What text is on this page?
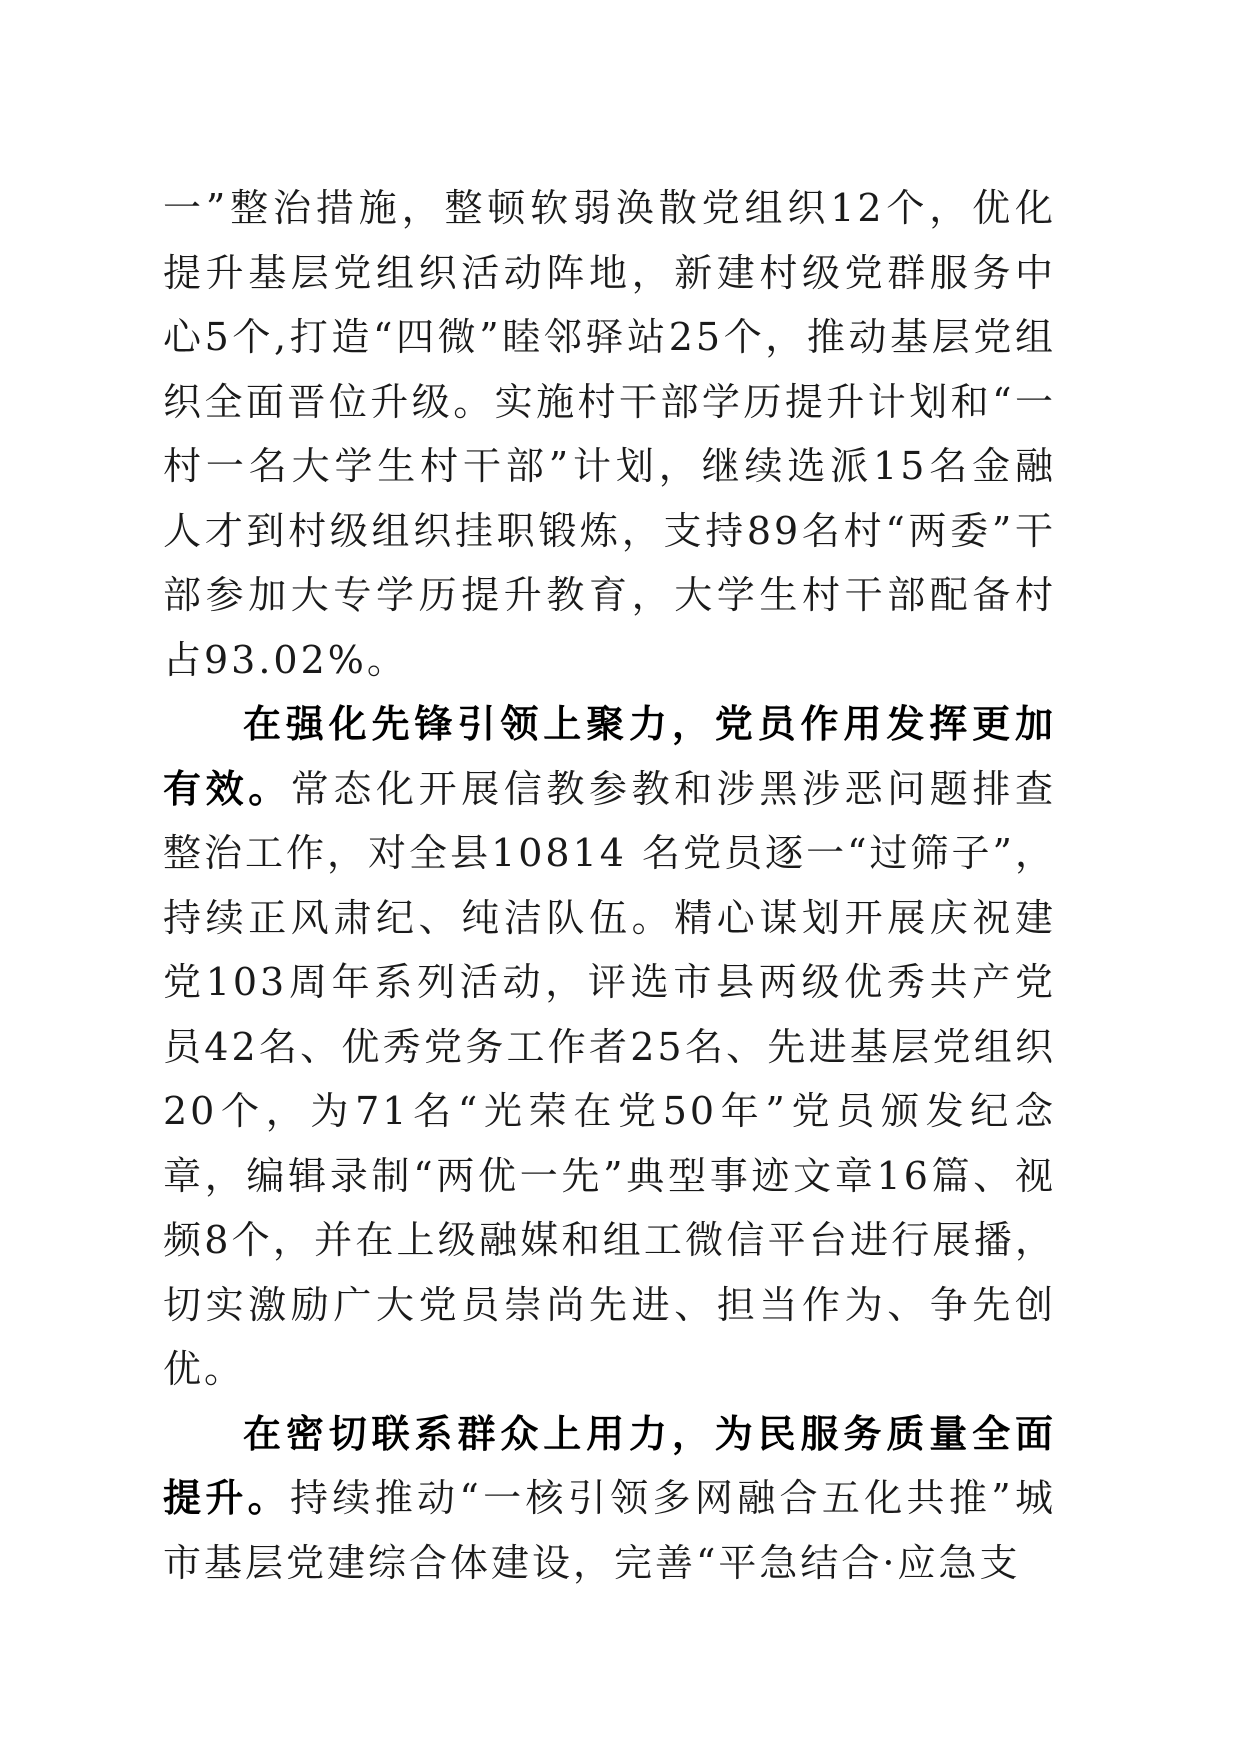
一”整治措施，整顿软弱涣散党组织12个，优化提升基层党组织活动阵地，新建村级党群服务中心5个,打造“四微”睦邻驿站25个，推动基层党组织全面晋位升级。实施村干部学历提升计划和“一村一名大学生村干部”计划，继续选派15名金融人才到村级组织挂职锻炼，支持89名村“两委”干部参加大专学历提升教育，大学生村干部配备村占93.02%。

在强化先锋引领上聚力，党员作用发挥更加有效。常态化开展信教参教和涉黑涉恶问题排查整治工作，对全县10814 名党员逐一“过筛子”，持续正风肃纪、纯洁队伍。精心谋划开展庆祝建党103周年系列活动，评选市县两级优秀共产党员42名、优秀党务工作者25名、先进基层党组织20个，为71名“光荣在党50年”党员颁发纪念章，编辑录制“两优一先”典型事迹文章16篇、视频8个，并在上级融媒和组工微信平台进行展播，切实激励广大党员崇尚先进、担当作为、争先创优。

在密切联系群众上用力，为民服务质量全面提升。持续推动“一核引领多网融合五化共推”城市基层党建综合体建设，完善“平急结合·应急支
